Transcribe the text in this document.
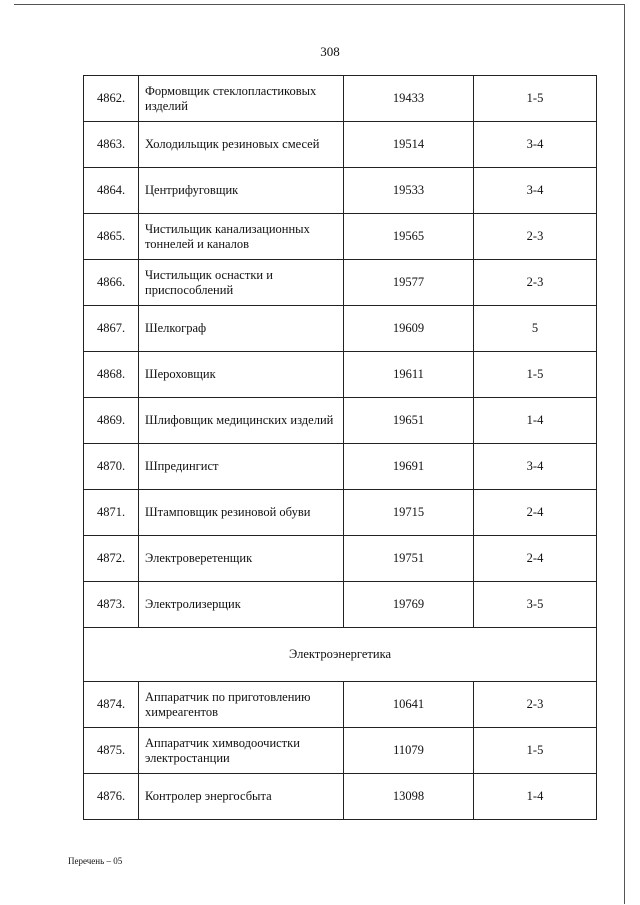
308
4862.	Формовщик стеклопластиковых изделий	19433	1-5
4863.	Холодильщик резиновых смесей	19514	3-4
4864.	Центрифуговщик	19533	3-4
4865.	Чистильщик канализационных тоннелей и каналов	19565	2-3
4866.	Чистильщик оснастки и приспособлений	19577	2-3
4867.	Шелкограф	19609	5
4868.	Шероховщик	19611	1-5
4869.	Шлифовщик медицинских изделий	19651	1-4
4870.	Шпредингист	19691	3-4
4871.	Штамповщик резиновой обуви	19715	2-4
4872.	Электроверетенщик	19751	2-4
4873.	Электролизерщик	19769	3-5
Электроэнергетика			
4874.	Аппаратчик по приготовлению химреагентов	10641	2-3
4875.	Аппаратчик химводоочистки электростанции	11079	1-5
4876.	Контролер энергосбыта	13098	1-4
Перечень – 05
